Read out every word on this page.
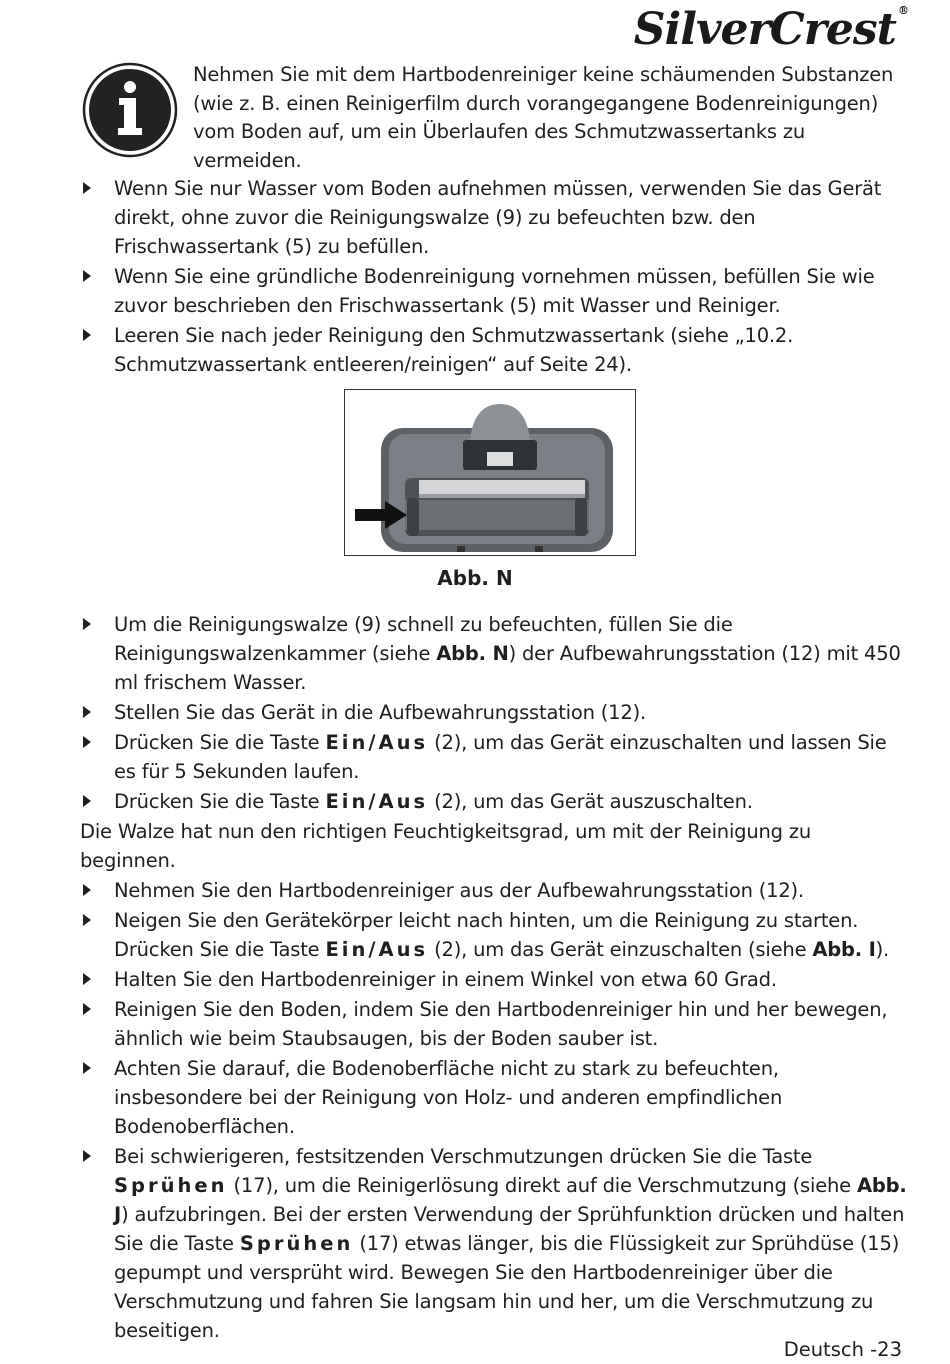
SilverCrest ®
Nehmen Sie mit dem Hartbodenreiniger keine schäumenden Substanzen (wie z. B. einen Reinigerfilm durch vorangegangene Bodenreinigungen) vom Boden auf, um ein Überlaufen des Schmutzwassertanks zu vermeiden.
Wenn Sie nur Wasser vom Boden aufnehmen müssen, verwenden Sie das Gerät direkt, ohne zuvor die Reinigungswalze (9) zu befeuchten bzw. den Frischwassertank (5) zu befüllen.
Wenn Sie eine gründliche Bodenreinigung vornehmen müssen, befüllen Sie wie zuvor beschrieben den Frischwassertank (5) mit Wasser und Reiniger.
Leeren Sie nach jeder Reinigung den Schmutzwassertank (siehe „10.2. Schmutzwassertank entleeren/reinigen“ auf Seite 24).
Abb. N
Um die Reinigungswalze (9) schnell zu befeuchten, füllen Sie die Reinigungswalzenkammer (siehe Abb. N) der Aufbewahrungsstation (12) mit 450 ml frischem Wasser.
Stellen Sie das Gerät in die Aufbewahrungsstation (12).
Drücken Sie die Taste Ein/Aus (2), um das Gerät einzuschalten und lassen Sie es für 5 Sekunden laufen.
Drücken Sie die Taste Ein/Aus (2), um das Gerät auszuschalten.
Die Walze hat nun den richtigen Feuchtigkeitsgrad, um mit der Reinigung zu beginnen.
Nehmen Sie den Hartbodenreiniger aus der Aufbewahrungsstation (12).
Neigen Sie den Gerätekörper leicht nach hinten, um die Reinigung zu starten. Drücken Sie die Taste Ein/Aus (2), um das Gerät einzuschalten (siehe Abb. I).
Halten Sie den Hartbodenreiniger in einem Winkel von etwa 60 Grad.
Reinigen Sie den Boden, indem Sie den Hartbodenreiniger hin und her bewegen, ähnlich wie beim Staubsaugen, bis der Boden sauber ist.
Achten Sie darauf, die Bodenoberfläche nicht zu stark zu befeuchten, insbesondere bei der Reinigung von Holz- und anderen empfindlichen Bodenoberflächen.
Bei schwierigeren, festsitzenden Verschmutzungen drücken Sie die Taste Sprühen (17), um die Reinigerlösung direkt auf die Verschmutzung (siehe Abb. J) aufzubringen. Bei der ersten Verwendung der Sprühfunktion drücken und halten Sie die Taste Sprühen (17) etwas länger, bis die Flüssigkeit zur Sprühdüse (15) gepumpt und versprüht wird. Bewegen Sie den Hartbodenreiniger über die Verschmutzung und fahren Sie langsam hin und her, um die Verschmutzung zu beseitigen.
Deutsch -23
